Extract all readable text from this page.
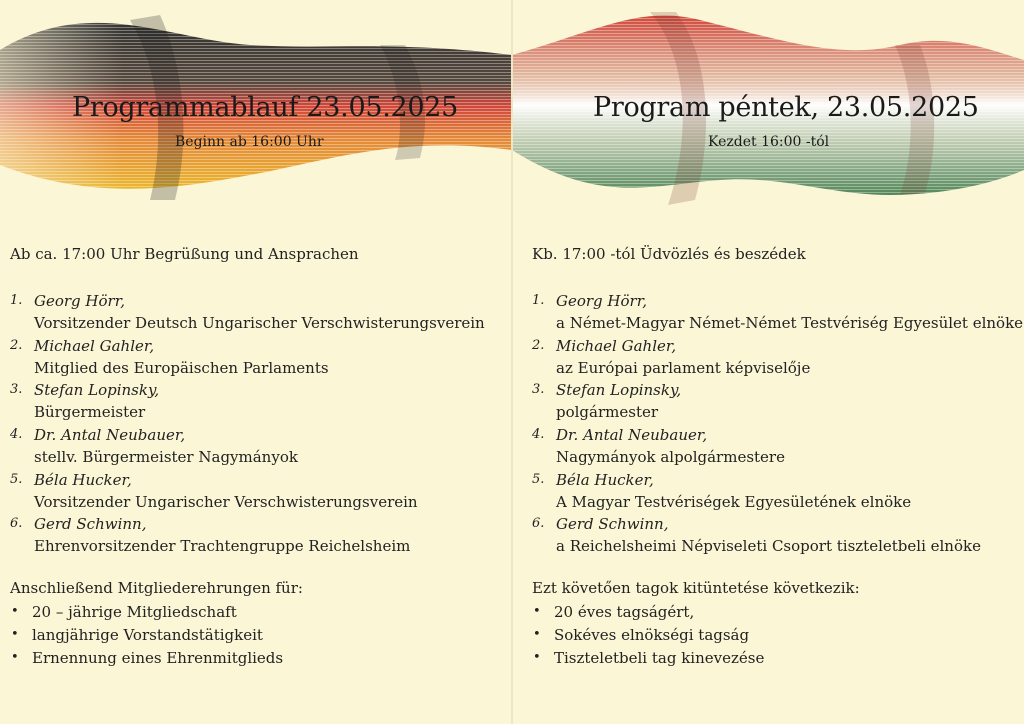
Programmablauf 23.05.2025
Beginn ab 16:00 Uhr
Ab ca. 17:00 Uhr Begrüßung und Ansprachen
1. Georg Hörr,
Vorsitzender Deutsch Ungarischer Verschwisterungsverein
2. Michael Gahler,
Mitglied des Europäischen Parlaments
3. Stefan Lopinsky,
Bürgermeister
4. Dr. Antal Neubauer,
stellv. Bürgermeister Nagymányok
5. Béla Hucker,
Vorsitzender Ungarischer Verschwisterungsverein
6. Gerd Schwinn,
Ehrenvorsitzender Trachtengruppe Reichelsheim
Anschließend Mitgliederehrungen für:
• 20 – jährige Mitgliedschaft
• langjährige Vorstandstätigkeit
• Ernennung eines Ehrenmitglieds
Program péntek, 23.05.2025
Kezdet 16:00 -tól
Kb. 17:00 -tól Üdvözlés és beszédek
1. Georg Hörr,
a Német-Magyar Német-Német Testvériség Egyesület elnöke
2. Michael Gahler,
az Európai parlament képviselője
3. Stefan Lopinsky,
polgármester
4. Dr. Antal Neubauer,
Nagymányok alpolgármestere
5. Béla Hucker,
A Magyar Testvériségek Egyesületének elnöke
6. Gerd Schwinn,
a Reichelsheimi Népviseleti Csoport tiszteletbeli elnöke
Ezt követően tagok kitüntetése következik:
• 20 éves tagságért,
• Sokéves elnökségi tagság
• Tiszteletbeli tag kinevezése
